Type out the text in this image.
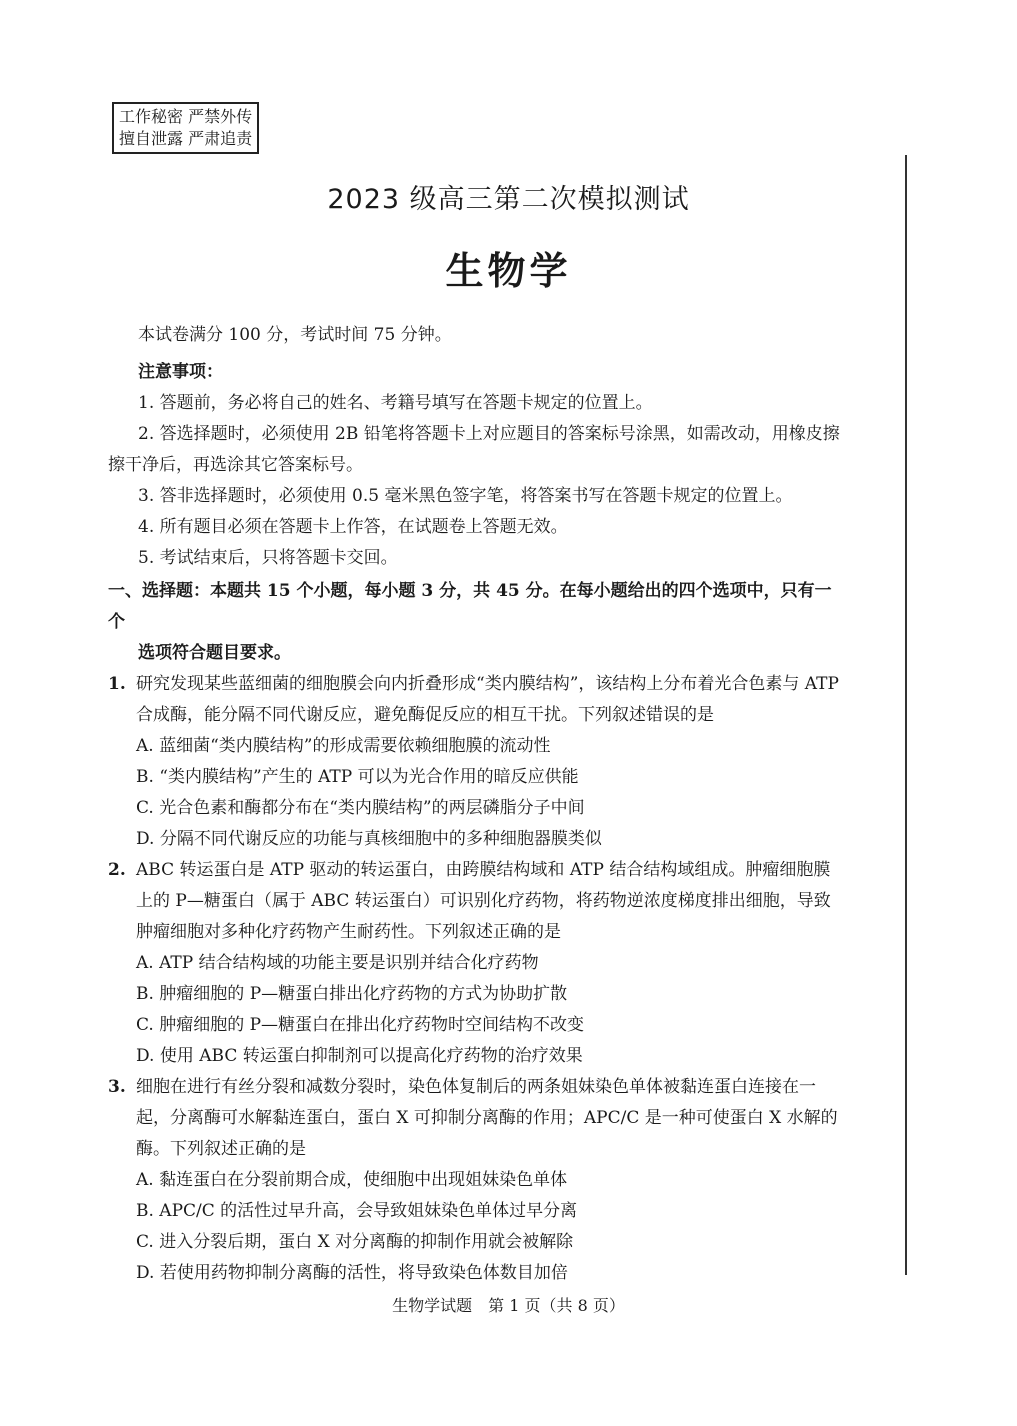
工作秘密 严禁外传
擅自泄露 严肃追责
2023 级高三第二次模拟测试
生物学

本试卷满分 100 分，考试时间 75 分钟。

注意事项：

1. 答题前，务必将自己的姓名、考籍号填写在答题卡规定的位置上。

2. 答选择题时，必须使用 2B 铅笔将答题卡上对应题目的答案标号涂黑，如需改动，用橡皮擦擦干净后，再选涂其它答案标号。

3. 答非选择题时，必须使用 0.5 毫米黑色签字笔，将答案书写在答题卡规定的位置上。

4. 所有题目必须在答题卡上作答，在试题卷上答题无效。

5. 考试结束后，只将答题卡交回。

一、选择题：本题共 15 个小题，每小题 3 分，共 45 分。在每小题给出的四个选项中，只有一个

选项符合题目要求。

1. 研究发现某些蓝细菌的细胞膜会向内折叠形成“类内膜结构”，该结构上分布着光合色素与 ATP 合成酶，能分隔不同代谢反应，避免酶促反应的相互干扰。下列叙述错误的是

A. 蓝细菌“类内膜结构”的形成需要依赖细胞膜的流动性

B. “类内膜结构”产生的 ATP 可以为光合作用的暗反应供能

C. 光合色素和酶都分布在“类内膜结构”的两层磷脂分子中间

D. 分隔不同代谢反应的功能与真核细胞中的多种细胞器膜类似

2. ABC 转运蛋白是 ATP 驱动的转运蛋白，由跨膜结构域和 ATP 结合结构域组成。肿瘤细胞膜上的 P—糖蛋白（属于 ABC 转运蛋白）可识别化疗药物，将药物逆浓度梯度排出细胞，导致肿瘤细胞对多种化疗药物产生耐药性。下列叙述正确的是

A. ATP 结合结构域的功能主要是识别并结合化疗药物

B. 肿瘤细胞的 P—糖蛋白排出化疗药物的方式为协助扩散

C. 肿瘤细胞的 P—糖蛋白在排出化疗药物时空间结构不改变

D. 使用 ABC 转运蛋白抑制剂可以提高化疗药物的治疗效果

3. 细胞在进行有丝分裂和减数分裂时，染色体复制后的两条姐妹染色单体被黏连蛋白连接在一起，分离酶可水解黏连蛋白，蛋白 X 可抑制分离酶的作用；APC/C 是一种可使蛋白 X 水解的酶。下列叙述正确的是

A. 黏连蛋白在分裂前期合成，使细胞中出现姐妹染色单体

B. APC/C 的活性过早升高，会导致姐妹染色单体过早分离

C. 进入分裂后期，蛋白 X 对分离酶的抑制作用就会被解除

D. 若使用药物抑制分离酶的活性，将导致染色体数目加倍

生物学试题　第 1 页（共 8 页）
